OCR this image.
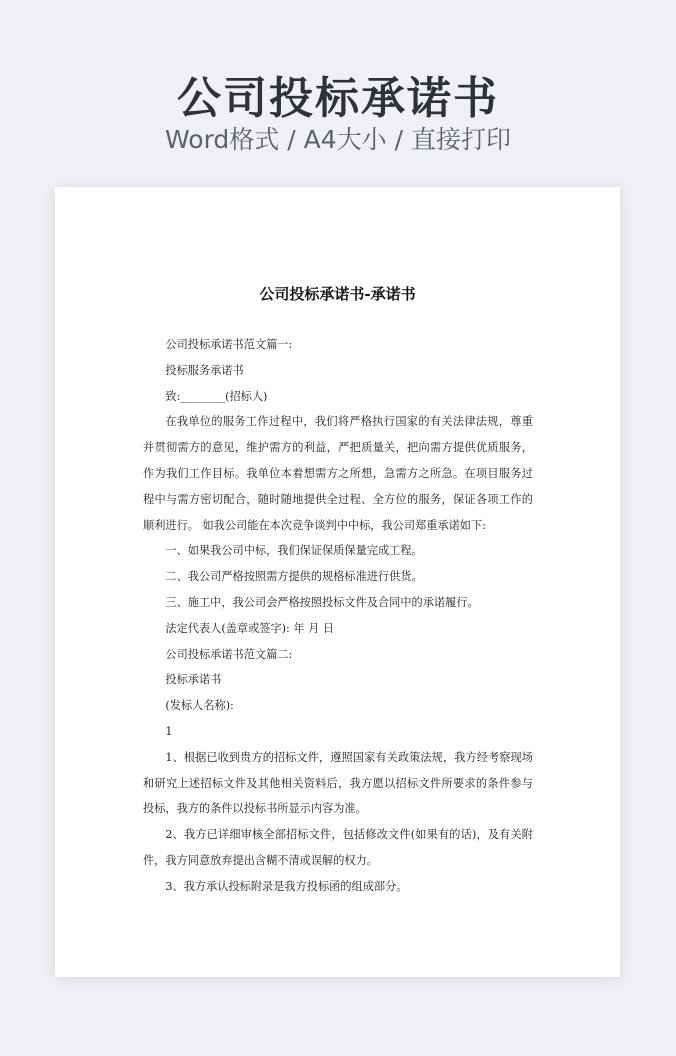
公司投标承诺书
Word格式 / A4大小 / 直接打印
公司投标承诺书-承诺书

公司投标承诺书范文篇一:

投标服务承诺书

致:________(招标人)

在我单位的服务工作过程中，我们将严格执行国家的有关法律法规，尊重并贯彻需方的意见，维护需方的利益，严把质量关，把向需方提供优质服务，作为我们工作目标。我单位本着想需方之所想，急需方之所急。在项目服务过程中与需方密切配合，随时随地提供全过程、全方位的服务，保证各项工作的顺利进行。 如我公司能在本次竞争谈判中中标，我公司郑重承诺如下:

一、如果我公司中标，我们保证保质保量完成工程。

二、我公司严格按照需方提供的规格标准进行供货。

三、施工中，我公司会严格按照投标文件及合同中的承诺履行。

法定代表人(盖章或签字): 年 月 日

公司投标承诺书范文篇二:

投标承诺书

(发标人名称):

1

1、根据已收到贵方的招标文件，遵照国家有关政策法规，我方经考察现场和研究上述招标文件及其他相关资料后，我方愿以招标文件所要求的条件参与投标，我方的条件以投标书所显示内容为准。

2、我方已详细审核全部招标文件，包括修改文件(如果有的话)，及有关附件，我方同意放弃提出含糊不清或误解的权力。

3、我方承认投标附录是我方投标函的组成部分。
